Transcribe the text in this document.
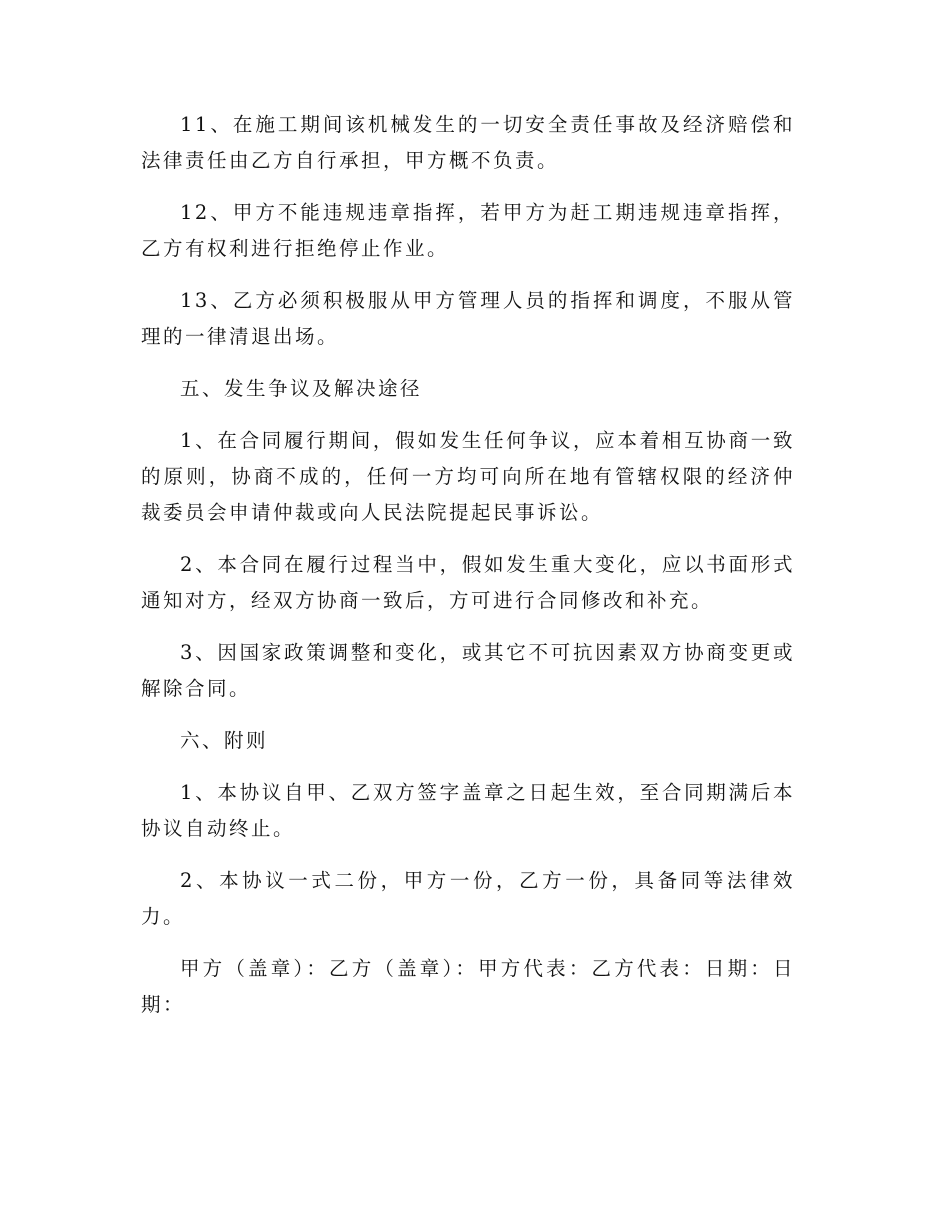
11、在施工期间该机械发生的一切安全责任事故及经济赔偿和法律责任由乙方自行承担，甲方概不负责。

12、甲方不能违规违章指挥，若甲方为赶工期违规违章指挥，乙方有权利进行拒绝停止作业。

13、乙方必须积极服从甲方管理人员的指挥和调度，不服从管理的一律清退出场。

五、发生争议及解决途径

1、在合同履行期间，假如发生任何争议，应本着相互协商一致的原则，协商不成的，任何一方均可向所在地有管辖权限的经济仲裁委员会申请仲裁或向人民法院提起民事诉讼。

2、本合同在履行过程当中，假如发生重大变化，应以书面形式通知对方，经双方协商一致后，方可进行合同修改和补充。

3、因国家政策调整和变化，或其它不可抗因素双方协商变更或解除合同。

六、附则

1、本协议自甲、乙双方签字盖章之日起生效，至合同期满后本协议自动终止。

2、本协议一式二份，甲方一份，乙方一份，具备同等法律效力。

甲方（盖章）：乙方（盖章）：甲方代表：乙方代表：日期：日期：
